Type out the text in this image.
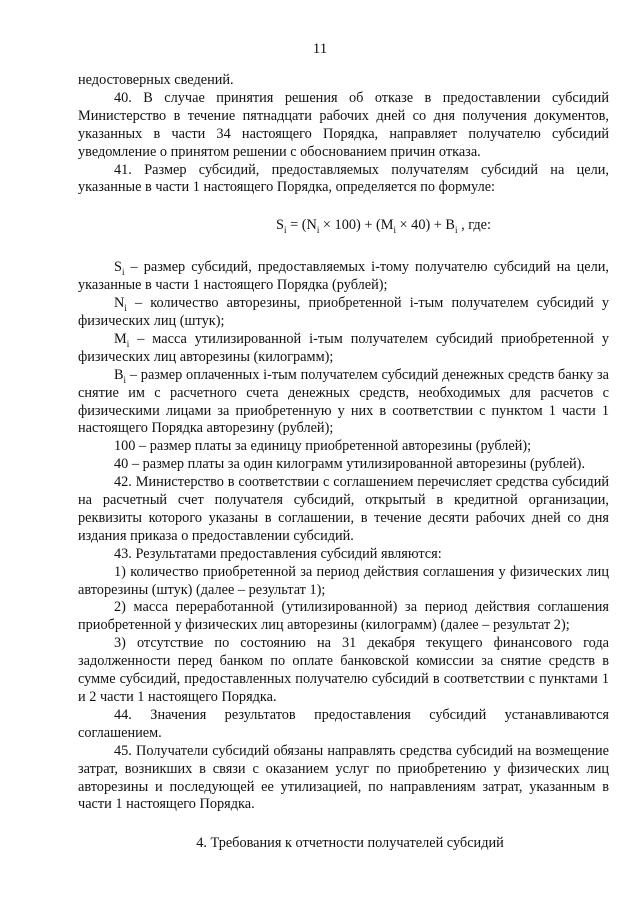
11

недостоверных сведений.

40. В случае принятия решения об отказе в предоставлении субсидий Министерство в течение пятнадцати рабочих дней со дня получения документов, указанных в части 34 настоящего Порядка, направляет получателю субсидий уведомление о принятом решении с обоснованием причин отказа.

41. Размер субсидий, предоставляемых получателям субсидий на цели, указанные в части 1 настоящего Порядка, определяется по формуле:

$S_i = (N_i \times 100) + (M_i \times 40) + B_i$ , где:

$S_i$ – размер субсидий, предоставляемых i-тому получателю субсидий на цели, указанные в части 1 настоящего Порядка (рублей);

$N_i$ – количество авторезины, приобретенной i-тым получателем субсидий у физических лиц (штук);

$M_i$ – масса утилизированной i-тым получателем субсидий приобретенной у физических лиц авторезины (килограмм);

$B_i$ – размер оплаченных i-тым получателем субсидий денежных средств банку за снятие им с расчетного счета денежных средств, необходимых для расчетов с физическими лицами за приобретенную у них в соответствии с пунктом 1 части 1 настоящего Порядка авторезину (рублей);

100 – размер платы за единицу приобретенной авторезины (рублей);

40 – размер платы за один килограмм утилизированной авторезины (рублей).

42. Министерство в соответствии с соглашением перечисляет средства субсидий на расчетный счет получателя субсидий, открытый в кредитной организации, реквизиты которого указаны в соглашении, в течение десяти рабочих дней со дня издания приказа о предоставлении субсидий.

43. Результатами предоставления субсидий являются:

1) количество приобретенной за период действия соглашения у физических лиц авторезины (штук) (далее – результат 1);

2) масса переработанной (утилизированной) за период действия соглашения приобретенной у физических лиц авторезины (килограмм) (далее – результат 2);

3) отсутствие по состоянию на 31 декабря текущего финансового года задолженности перед банком по оплате банковской комиссии за снятие средств в сумме субсидий, предоставленных получателю субсидий в соответствии с пунктами 1 и 2 части 1 настоящего Порядка.

44. Значения результатов предоставления субсидий устанавливаются соглашением.

45. Получатели субсидий обязаны направлять средства субсидий на возмещение затрат, возникших в связи с оказанием услуг по приобретению у физических лиц авторезины и последующей ее утилизацией, по направлениям затрат, указанным в части 1 настоящего Порядка.

4. Требования к отчетности получателей субсидий
